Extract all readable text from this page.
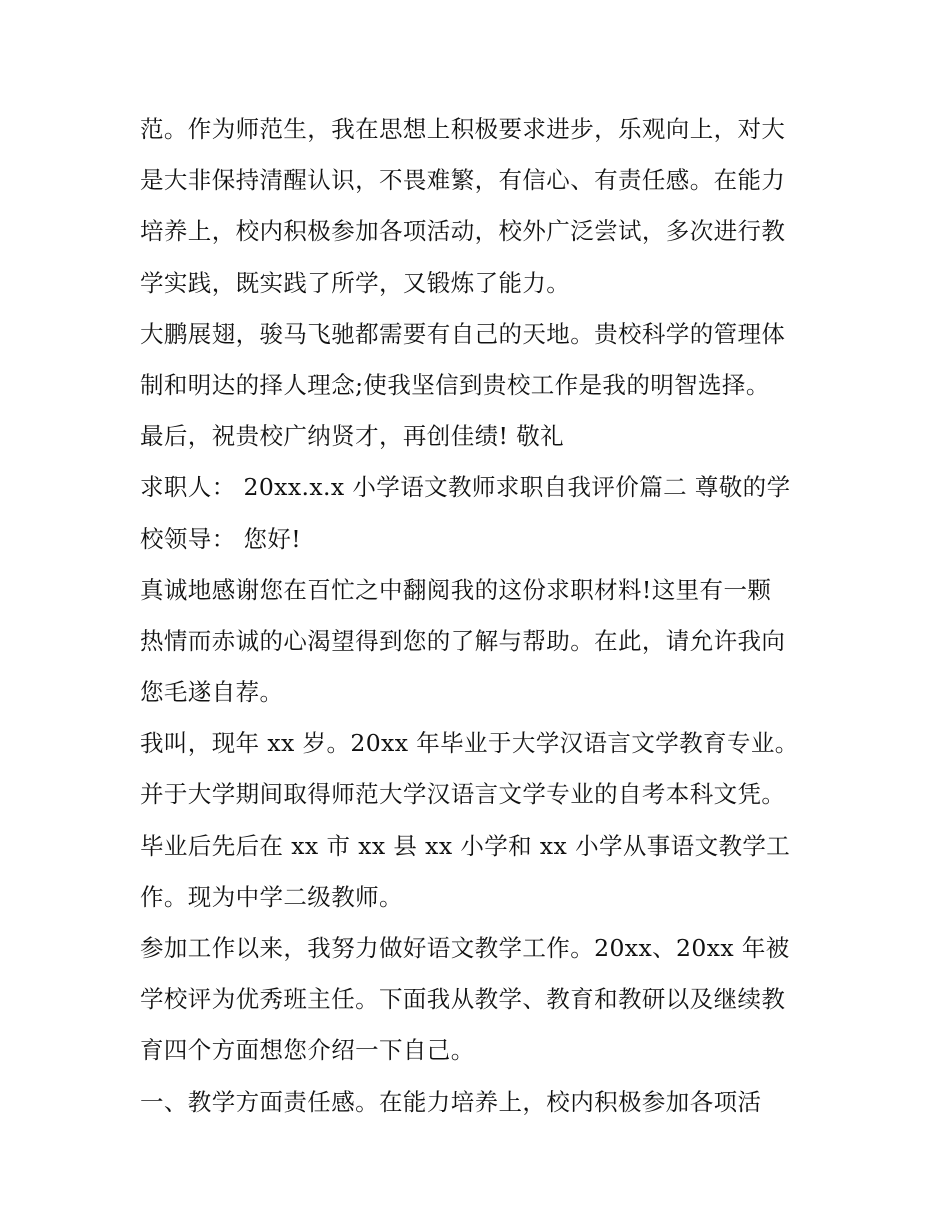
范。作为师范生，我在思想上积极要求进步，乐观向上，对大
是大非保持清醒认识，不畏难繁，有信心、有责任感。在能力
培养上，校内积极参加各项活动，校外广泛尝试，多次进行教
学实践，既实践了所学，又锻炼了能力。
大鹏展翅，骏马飞驰都需要有自己的天地。贵校科学的管理体
制和明达的择人理念;使我坚信到贵校工作是我的明智选择。
最后，祝贵校广纳贤才，再创佳绩! 敬礼
求职人： 20xx.x.x 小学语文教师求职自我评价篇二 尊敬的学
校领导： 您好!
真诚地感谢您在百忙之中翻阅我的这份求职材料!这里有一颗
热情而赤诚的心渴望得到您的了解与帮助。在此，请允许我向
您毛遂自荐。
我叫，现年 xx 岁。20xx 年毕业于大学汉语言文学教育专业。
并于大学期间取得师范大学汉语言文学专业的自考本科文凭。
毕业后先后在 xx 市 xx 县 xx 小学和 xx 小学从事语文教学工
作。现为中学二级教师。
参加工作以来，我努力做好语文教学工作。20xx、20xx 年被
学校评为优秀班主任。下面我从教学、教育和教研以及继续教
育四个方面想您介绍一下自己。
一、教学方面责任感。在能力培养上，校内积极参加各项活
